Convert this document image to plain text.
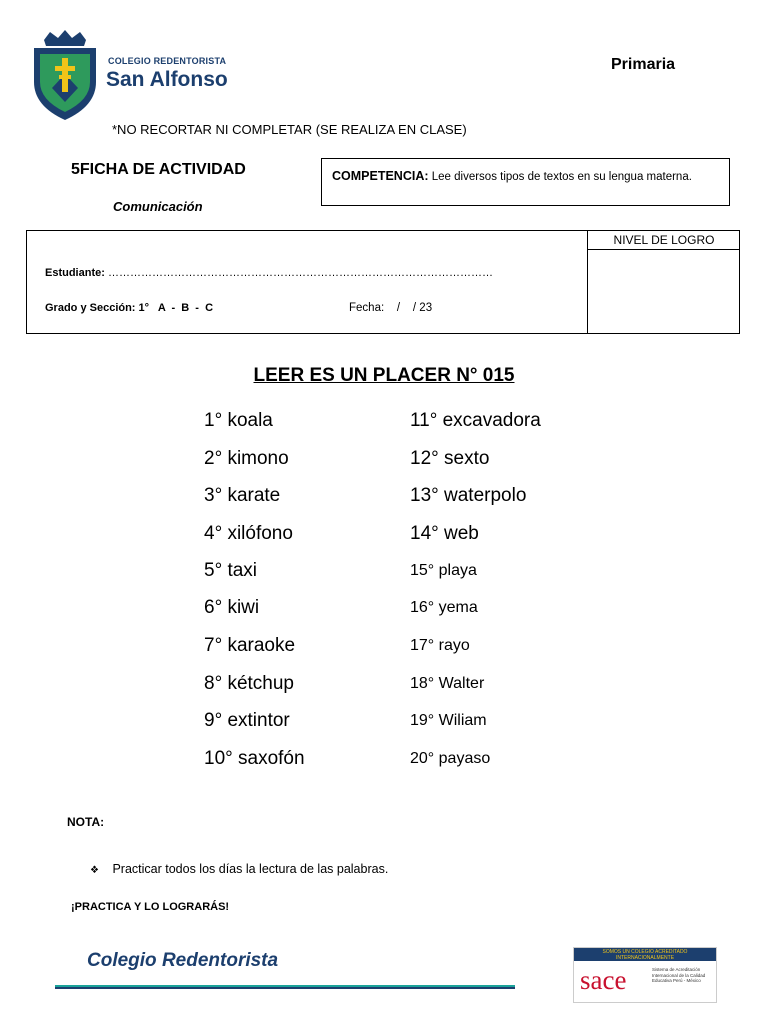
COLEGIO REDENTORISTA
San Alfonso
Primaria
*NO RECORTAR NI COMPLETAR (SE REALIZA EN CLASE)
5FICHA DE ACTIVIDAD
Comunicación
COMPETENCIA: Lee diversos tipos de textos en su lengua materna.
Estudiante: ……………………………………………………………………………………………
Grado y Sección: 1°   A  -  B  -  C	Fecha:    /    / 23
NIVEL DE LOGRO
LEER ES UN PLACER N° 015
1° koala
2° kimono
3° karate
4° xilófono
5° taxi
6° kiwi
7° karaoke
8° kétchup
9° extintor
10° saxofón
11° excavadora
12° sexto
13° waterpolo
14° web
15° playa
16° yema
17° rayo
18° Walter
19° Wiliam
20° payaso
NOTA:
❖ Practicar todos los días la lectura de las palabras.
¡PRACTICA Y LO LOGRARÁS!
Colegio Redentorista	SOMOS UN COLEGIO ACREDITADO INTERNACIONALMENTE
sace	Sistema de Acreditación Internacional de la Calidad Educativa Perú - México
